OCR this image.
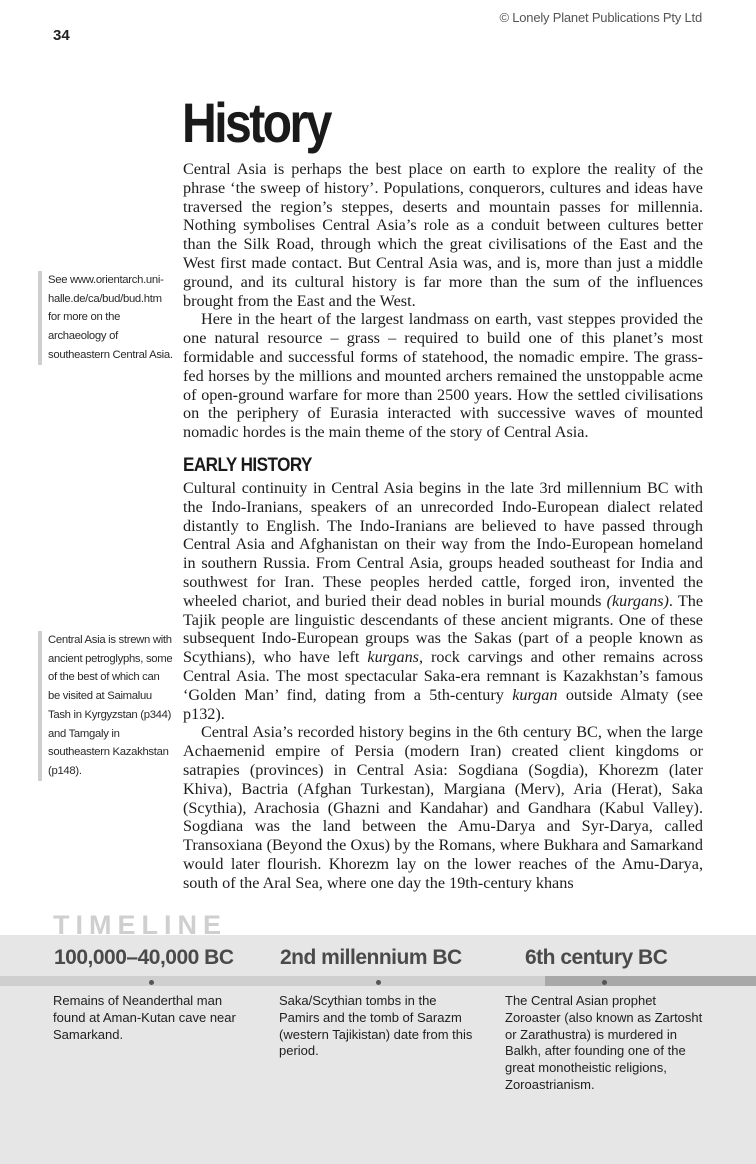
© Lonely Planet Publications Pty Ltd
34
History

Central Asia is perhaps the best place on earth to explore the reality of the phrase ‘the sweep of history’. Populations, conquerors, cultures and ideas have traversed the region’s steppes, deserts and mountain passes for millennia. Nothing symbolises Central Asia’s role as a conduit between cultures better than the Silk Road, through which the great civilisations of the East and the West first made contact. But Central Asia was, and is, more than just a middle ground, and its cultural history is far more than the sum of the influences brought from the East and the West.

Here in the heart of the largest landmass on earth, vast steppes provided the one natural resource – grass – required to build one of this planet’s most formidable and successful forms of statehood, the nomadic empire. The grass-fed horses by the millions and mounted archers remained the unstoppable acme of open-ground warfare for more than 2500 years. How the settled civilisations on the periphery of Eurasia interacted with successive waves of mounted nomadic hordes is the main theme of the story of Central Asia.

EARLY HISTORY

Cultural continuity in Central Asia begins in the late 3rd millennium BC with the Indo-Iranians, speakers of an unrecorded Indo-European dialect related distantly to English. The Indo-Iranians are believed to have passed through Central Asia and Afghanistan on their way from the Indo-European homeland in southern Russia. From Central Asia, groups headed southeast for India and southwest for Iran. These peoples herded cattle, forged iron, invented the wheeled chariot, and buried their dead nobles in burial mounds (kurgans). The Tajik people are linguistic descendants of these ancient migrants. One of these subsequent Indo-European groups was the Sakas (part of a people known as Scythians), who have left kurgans, rock carvings and other remains across Central Asia. The most spectacular Saka-era remnant is Kazakhstan’s famous ‘Golden Man’ find, dating from a 5th-century kurgan outside Almaty (see p132).

Central Asia’s recorded history begins in the 6th century BC, when the large Achaemenid empire of Persia (modern Iran) created client kingdoms or satrapies (provinces) in Central Asia: Sogdiana (Sogdia), Khorezm (later Khiva), Bactria (Afghan Turkestan), Margiana (Merv), Aria (Herat), Saka (Scythia), Arachosia (Ghazni and Kandahar) and Gandhara (Kabul Valley). Sogdiana was the land between the Amu-Darya and Syr-Darya, called Transoxiana (Beyond the Oxus) by the Romans, where Bukhara and Samarkand would later flourish. Khorezm lay on the lower reaches of the Amu-Darya, south of the Aral Sea, where one day the 19th-century khans

See www.orientarch.uni-halle.de/ca/bud/bud.htm for more on the archaeology of southeastern Central Asia.
Central Asia is strewn with ancient petroglyphs, some of the best of which can be visited at Saimaluu Tash in Kyrgyzstan (p344) and Tamgaly in southeastern Kazakhstan (p148).
TIMELINE
100,000–40,000 BC 2nd millennium BC	6th century BC
Remains of Neanderthal man found at Aman-Kutan cave near Samarkand.
Saka/Scythian tombs in the Pamirs and the tomb of Sarazm (western Tajikistan) date from this period.
The Central Asian prophet Zoroaster (also known as Zartosht or Zarathustra) is murdered in Balkh, after founding one of the great monotheistic religions, Zoroastrianism.
